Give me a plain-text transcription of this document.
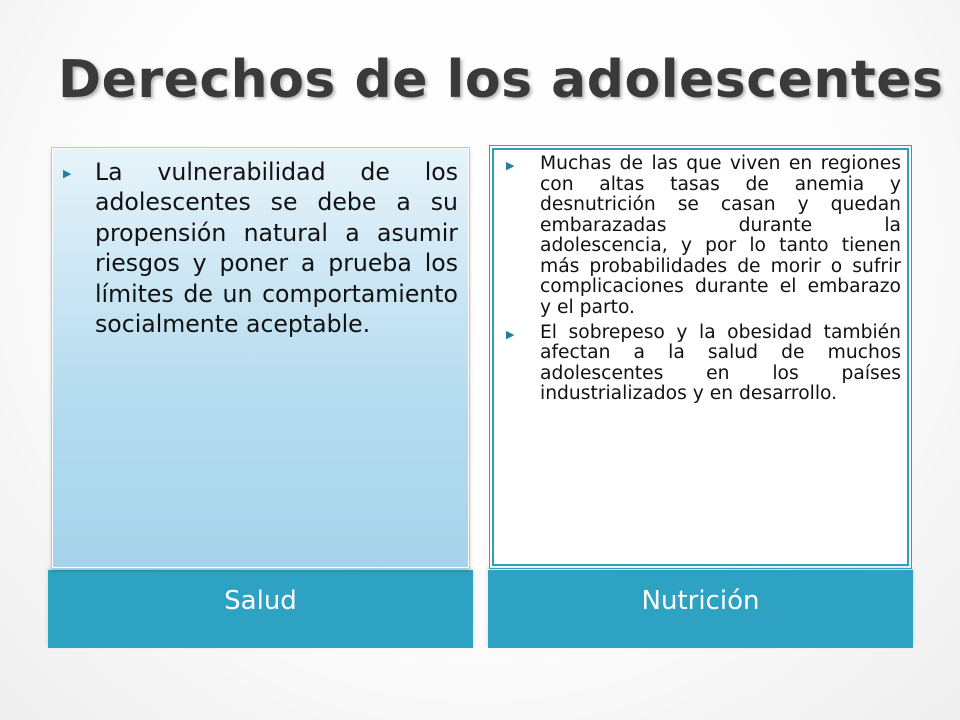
Derechos de los adolescentes
Salud
▶ La vulnerabilidad de los adolescentes se debe a su propensión natural a asumir riesgos y poner a prueba los límites de un comportamiento socialmente aceptable.
Nutrición
▶ Muchas de las que viven en regiones con altas tasas de anemia y desnutrición se casan y quedan embarazadas durante la adolescencia, y por lo tanto tienen más probabilidades de morir o sufrir complicaciones durante el embarazo y el parto.
▶ El sobrepeso y la obesidad también afectan a la salud de muchos adolescentes en los países industrializados y en desarrollo.
